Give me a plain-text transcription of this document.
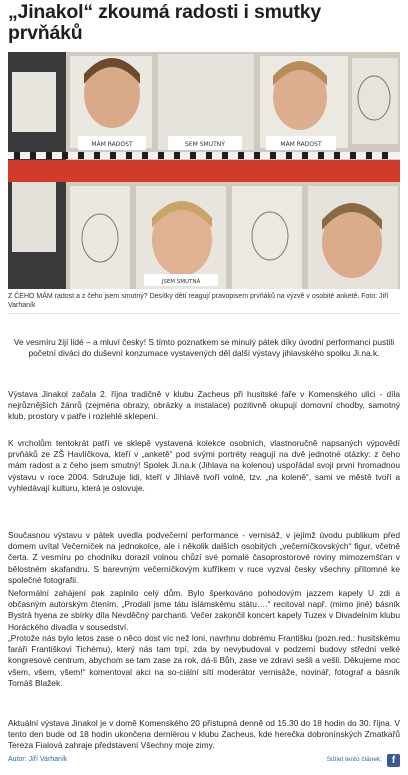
„Jinakol“ zkoumá radosti i smutky prvňáků
MÁM RADOST	SEM SMUTNÝ	MÁM RADOST
JSEM SMUTNÁ
Z ČEHO MÁM radost a z čeho jsem smutný? Desítky dětí reagují pravopisem prvňáků na výzvě v osobité anketě. Foto: Jiří Varhaník

Ve vesmíru žijí lidé – a mluví česky! S tímto poznatkem se minulý pátek díky úvodní performanci pustili početní diváci do duševní konzumace vystavených děl další výstavy jihlavského spolku Ji.na.k.

Výstava Jinakol začala 2. října tradičně v klubu Zacheus při husitské faře v Komenského ulici - díla nejrůznějších žánrů (zejména obrazy, obrázky a instalace) pozitivně okupují domovní chodby, samotný klub, prostory v patře i rozlehlé sklepení.

K vrcholům tentokrát patří ve sklepě vystavená kolekce osobních, vlastnoručně napsaných výpovědí prvňáků ze ZŠ Havlíčkova, kteří v „anketě“ pod svými portréty reagují na dvě jednotné otázky: z čeho mám radost a z čeho jsem smutný! Spolek Ji.na.k (Jihlava na kolenou) uspořádal svoji první hromadnou výstavu v roce 2004. Sdružuje lidi, kteří v Jihlavě tvoří volně, tzv. „na koleně“, sami ve městě tvoří a vyhledávají kulturu, která je oslovuje.

Současnou výstavu v pátek uvedla podvečerní performance - vernisáž, v jejímž úvodu publikum před domem uvítal Večerníček na jednokolce, ale i několik dalších osobitých „večerníčkovských“ figur, včetně čerta. Z vesmíru po chodníku dorazil volnou chůzí své pomalé časoprostorové roviny mimozemšťan v bělostném skafandru. S barevným večerníčkovým kufříkem v ruce vyzval česky všechny přítomné ke společné fotografii.

Neformální zahájení pak zaplnilo celý dům. Bylo šperkováno pohodovým jazzem kapely U zdi a občasným autorským čtením. „Prodali jsme tátu islámskému státu….“ recitoval např. (mimo jiné) básník Bystrá hyena ze sbírky díla Nevděčný parchanti. Večer zakončil koncert kapely Tuzex v Divadelním klubu Horáckého divadla v sousedství.

„Protože nás bylo letos zase o něco dost víc než loni, navrhnu dobrému Františku (pozn.red.: husitskému faráři Františkovi Tichému), který nás tam trpí, zda by nevybudoval v podzemí budovy střední velké kongresové centrum, abychom se tam zase za rok, dá-li Bůh, zase ve zdraví sešli a vešli. Děkujeme moc všem, všem, všem!“ komentoval akci na so-ciální síti moderátor vernisáže, novinář, fotograf a básník Tomáš Blažek.

Aktuální výstava Jinakol je v domě Komenského 20 přístupná denně od 15.30 do 18 hodin do 30. října. V tento den bude od 18 hodin ukončena derniérou v klubu Zacheus, kde herečka dobronínských Zmatkařů Tereza Fialová zahraje představení Všechny moje zimy.

Autor: Jiří Varhaník	Sdílet tento článek: f
